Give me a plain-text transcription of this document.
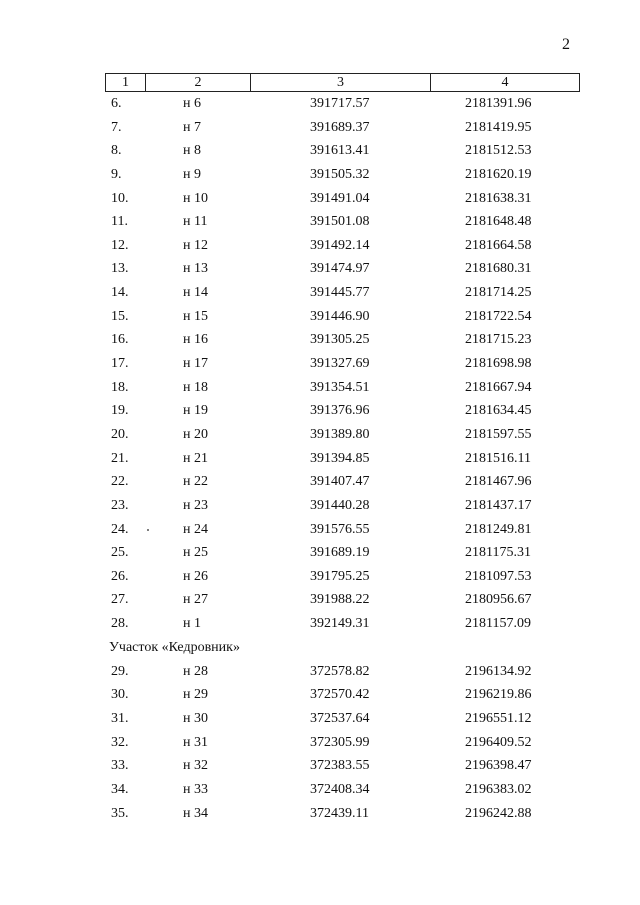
2
1	2	3	4
6.	н 6	391717.57	2181391.96
7.	н 7	391689.37	2181419.95
8.	н 8	391613.41	2181512.53
9.	н 9	391505.32	2181620.19
10.	н 10	391491.04	2181638.31
11.	н 11	391501.08	2181648.48
12.	н 12	391492.14	2181664.58
13.	н 13	391474.97	2181680.31
14.	н 14	391445.77	2181714.25
15.	н 15	391446.90	2181722.54
16.	н 16	391305.25	2181715.23
17.	н 17	391327.69	2181698.98
18.	н 18	391354.51	2181667.94
19.	н 19	391376.96	2181634.45
20.	н 20	391389.80	2181597.55
21.	н 21	391394.85	2181516.11
22.	н 22	391407.47	2181467.96
23.	н 23	391440.28	2181437.17
24.	н 24	391576.55	2181249.81
25.	н 25	391689.19	2181175.31
26.	н 26	391795.25	2181097.53
27.	н 27	391988.22	2180956.67
28.	н 1	392149.31	2181157.09
Участок «Кедровник»
29.	н 28	372578.82	2196134.92
30.	н 29	372570.42	2196219.86
31.	н 30	372537.64	2196551.12
32.	н 31	372305.99	2196409.52
33.	н 32	372383.55	2196398.47
34.	н 33	372408.34	2196383.02
35.	н 34	372439.11	2196242.88
